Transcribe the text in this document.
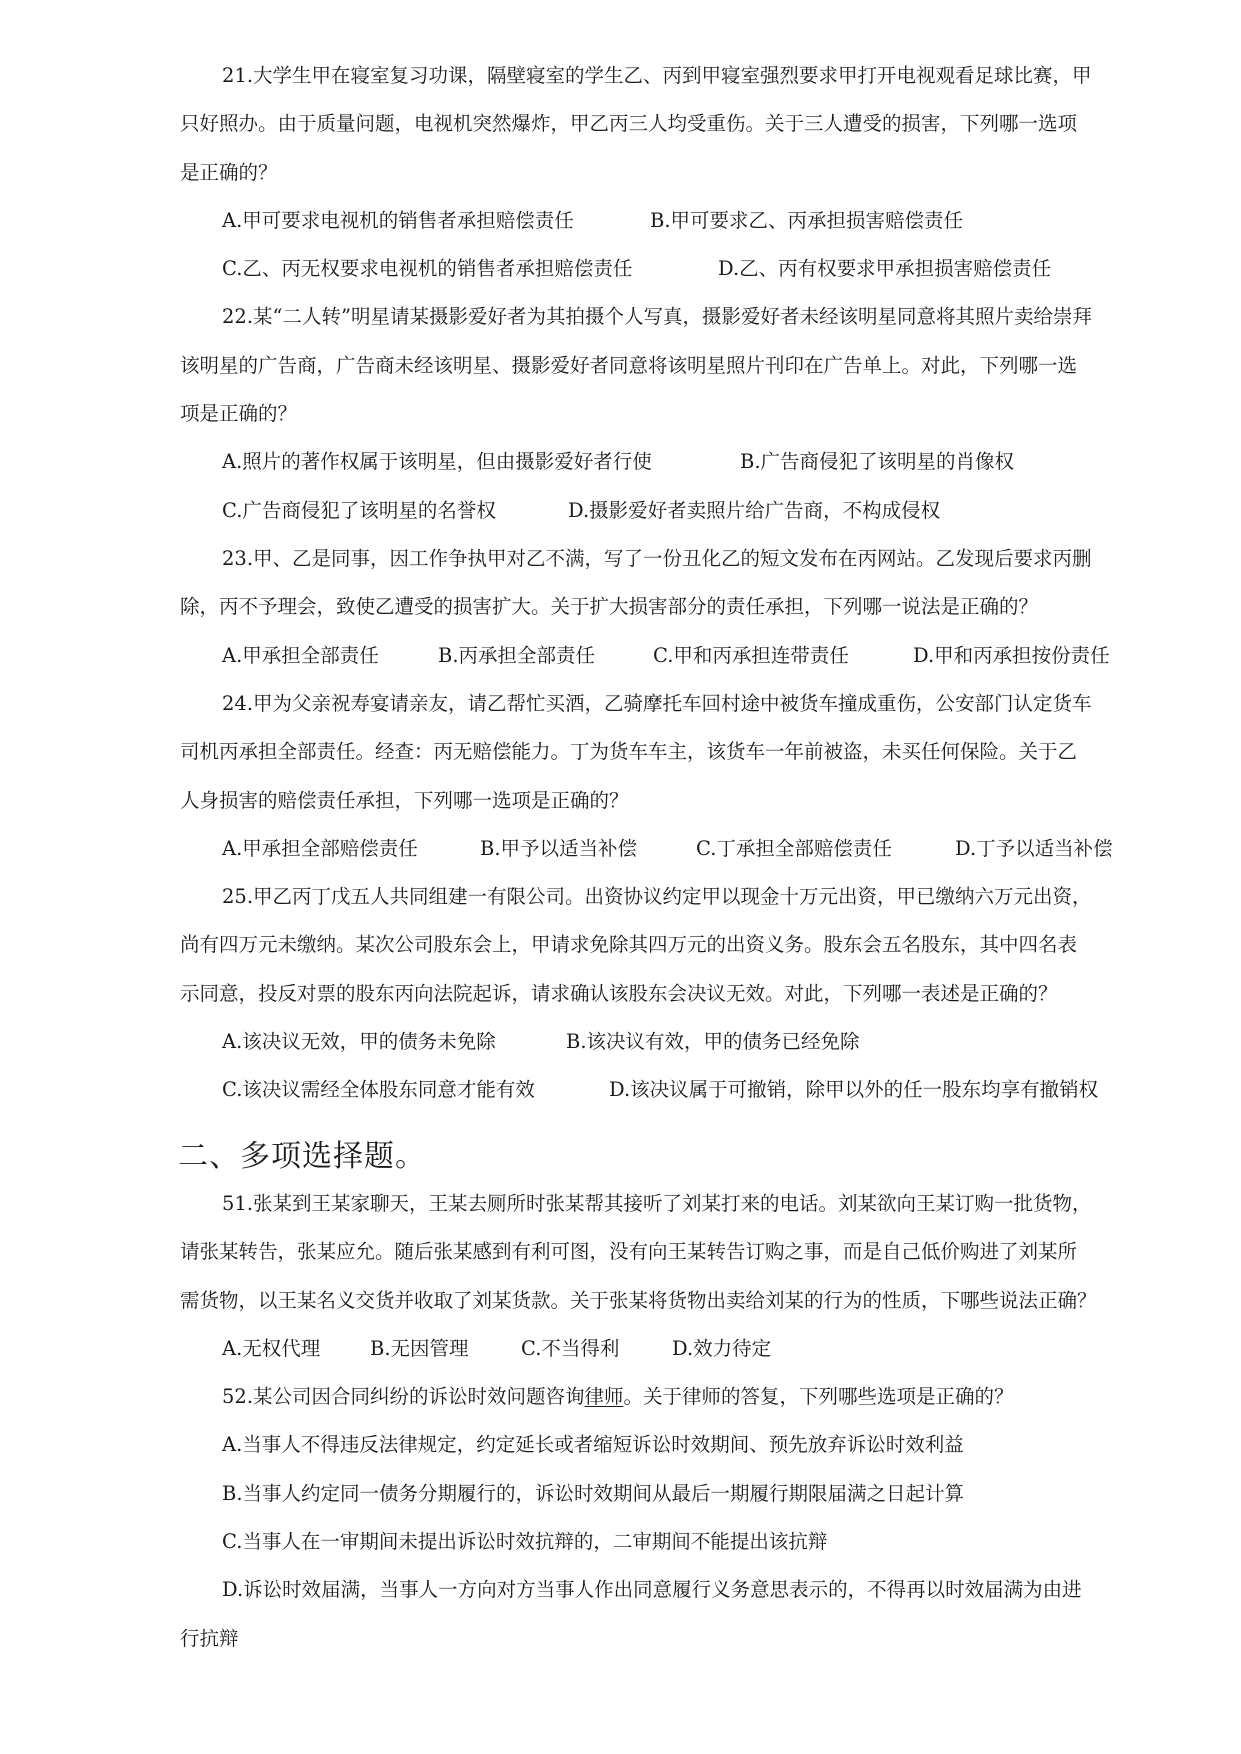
21.大学生甲在寝室复习功课，隔壁寝室的学生乙、丙到甲寝室强烈要求甲打开电视观看足球比赛，甲
只好照办。由于质量问题，电视机突然爆炸，甲乙丙三人均受重伤。关于三人遭受的损害，下列哪一选项
是正确的？
A.甲可要求电视机的销售者承担赔偿责任	B.甲可要求乙、丙承担损害赔偿责任
C.乙、丙无权要求电视机的销售者承担赔偿责任	D.乙、丙有权要求甲承担损害赔偿责任
22.某“二人转”明星请某摄影爱好者为其拍摄个人写真，摄影爱好者未经该明星同意将其照片卖给崇拜
该明星的广告商，广告商未经该明星、摄影爱好者同意将该明星照片刊印在广告单上。对此，下列哪一选
项是正确的？
A.照片的著作权属于该明星，但由摄影爱好者行使	B.广告商侵犯了该明星的肖像权
C.广告商侵犯了该明星的名誉权	D.摄影爱好者卖照片给广告商，不构成侵权
23.甲、乙是同事，因工作争执甲对乙不满，写了一份丑化乙的短文发布在丙网站。乙发现后要求丙删
除，丙不予理会，致使乙遭受的损害扩大。关于扩大损害部分的责任承担，下列哪一说法是正确的？
A.甲承担全部责任	B.丙承担全部责任	C.甲和丙承担连带责任	D.甲和丙承担按份责任
24.甲为父亲祝寿宴请亲友，请乙帮忙买酒，乙骑摩托车回村途中被货车撞成重伤，公安部门认定货车
司机丙承担全部责任。经查：丙无赔偿能力。丁为货车车主，该货车一年前被盗，未买任何保险。关于乙
人身损害的赔偿责任承担，下列哪一选项是正确的？
A.甲承担全部赔偿责任	B.甲予以适当补偿	C.丁承担全部赔偿责任	D.丁予以适当补偿
25.甲乙丙丁戊五人共同组建一有限公司。出资协议约定甲以现金十万元出资，甲已缴纳六万元出资，
尚有四万元未缴纳。某次公司股东会上，甲请求免除其四万元的出资义务。股东会五名股东，其中四名表
示同意，投反对票的股东丙向法院起诉，请求确认该股东会决议无效。对此，下列哪一表述是正确的？
A.该决议无效，甲的债务未免除	B.该决议有效，甲的债务已经免除
C.该决议需经全体股东同意才能有效	D.该决议属于可撤销，除甲以外的任一股东均享有撤销权
二、多项选择题。
51.张某到王某家聊天，王某去厕所时张某帮其接听了刘某打来的电话。刘某欲向王某订购一批货物，
请张某转告，张某应允。随后张某感到有利可图，没有向王某转告订购之事，而是自己低价购进了刘某所
需货物，以王某名义交货并收取了刘某货款。关于张某将货物出卖给刘某的行为的性质，下哪些说法正确？
A.无权代理	B.无因管理	C.不当得利	D.效力待定
52.某公司因合同纠纷的诉讼时效问题咨询律师。关于律师的答复，下列哪些选项是正确的？
A.当事人不得违反法律规定，约定延长或者缩短诉讼时效期间、预先放弃诉讼时效利益
B.当事人约定同一债务分期履行的，诉讼时效期间从最后一期履行期限届满之日起计算
C.当事人在一审期间未提出诉讼时效抗辩的，二审期间不能提出该抗辩
D.诉讼时效届满，当事人一方向对方当事人作出同意履行义务意思表示的，不得再以时效届满为由进
行抗辩
